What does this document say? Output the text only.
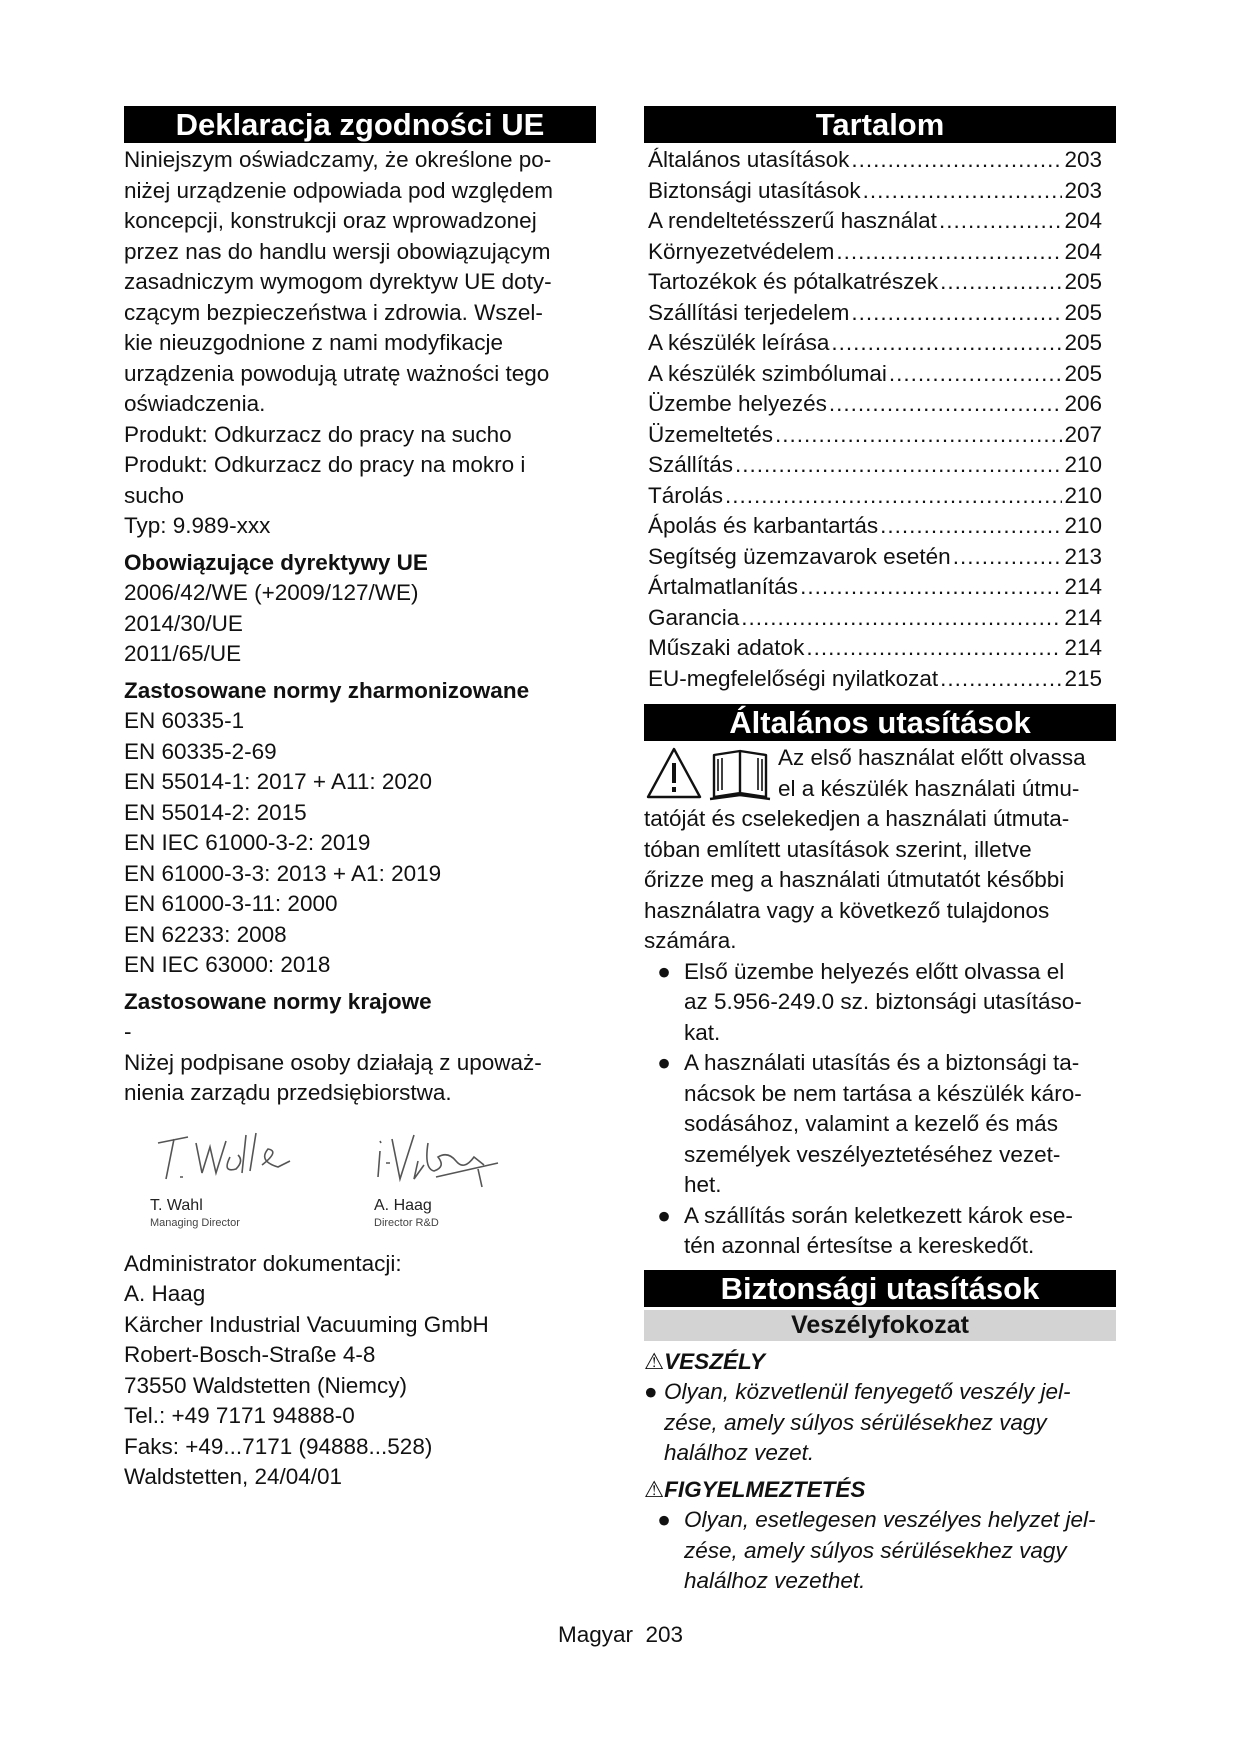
Deklaracja zgodności UE
Niniejszym oświadczamy, że określone po-
niżej urządzenie odpowiada pod względem
koncepcji, konstrukcji oraz wprowadzonej
przez nas do handlu wersji obowiązującym
zasadniczym wymogom dyrektyw UE doty-
czącym bezpieczeństwa i zdrowia. Wszel-
kie nieuzgodnione z nami modyfikacje
urządzenia powodują utratę ważności tego
oświadczenia.
Produkt: Odkurzacz do pracy na sucho
Produkt: Odkurzacz do pracy na mokro i
sucho
Typ: 9.989-xxx
Obowiązujące dyrektywy UE
2006/42/WE (+2009/127/WE)
2014/30/UE
2011/65/UE
Zastosowane normy zharmonizowane
EN 60335-1
EN 60335-2-69
EN 55014-1: 2017 + A11: 2020
EN 55014-2: 2015
EN IEC 61000-3-2: 2019
EN 61000-3-3: 2013 + A1: 2019
EN 61000-3-11: 2000
EN 62233: 2008
EN IEC 63000: 2018
Zastosowane normy krajowe
-
Niżej podpisane osoby działają z upoważ-
nienia zarządu przedsiębiorstwa.
T. Wahl
Managing Director
A. Haag
Director R&D
Administrator dokumentacji:
A. Haag
Kärcher Industrial Vacuuming GmbH
Robert-Bosch-Straße 4-8
73550 Waldstetten (Niemcy)
Tel.: +49 7171 94888-0
Faks: +49...7171 (94888...528)
Waldstetten, 24/04/01
Tartalom
Általános utasítások .....	203
Biztonsági utasítások .....	203
A rendeltetésszerű használat .....	204
Környezetvédelem .....	204
Tartozékok és pótalkatrészek .....	205
Szállítási terjedelem .....	205
A készülék leírása .....	205
A készülék szimbólumai .....	205
Üzembe helyezés .....	206
Üzemeltetés .....	207
Szállítás .....	210
Tárolás .....	210
Ápolás és karbantartás .....	210
Segítség üzemzavarok esetén .....	213
Ártalmatlanítás .....	214
Garancia .....	214
Műszaki adatok .....	214
EU-megfelelőségi nyilatkozat .....	215
Általános utasítások
Az első használat előtt olvassa
el a készülék használati útmu-
tatóját és cselekedjen a használati útmuta-
tóban említett utasítások szerint, illetve
őrizze meg a használati útmutatót későbbi
használatra vagy a következő tulajdonos
számára.
● Első üzembe helyezés előtt olvassa el
az 5.956-249.0 sz. biztonsági utasításo-
kat.
● A használati utasítás és a biztonsági ta-
nácsok be nem tartása a készülék káro-
sodásához, valamint a kezelő és más
személyek veszélyeztetéséhez vezet-
het.
● A szállítás során keletkezett károk ese-
tén azonnal értesítse a kereskedőt.
Biztonsági utasítások
Veszélyfokozat
⚠VESZÉLY
● Olyan, közvetlenül fenyegető veszély jel-
zése, amely súlyos sérülésekhez vagy
halálhoz vezet.
⚠FIGYELMEZTETÉS
● Olyan, esetlegesen veszélyes helyzet jel-
zése, amely súlyos sérülésekhez vagy
halálhoz vezethet.
Magyar 203
